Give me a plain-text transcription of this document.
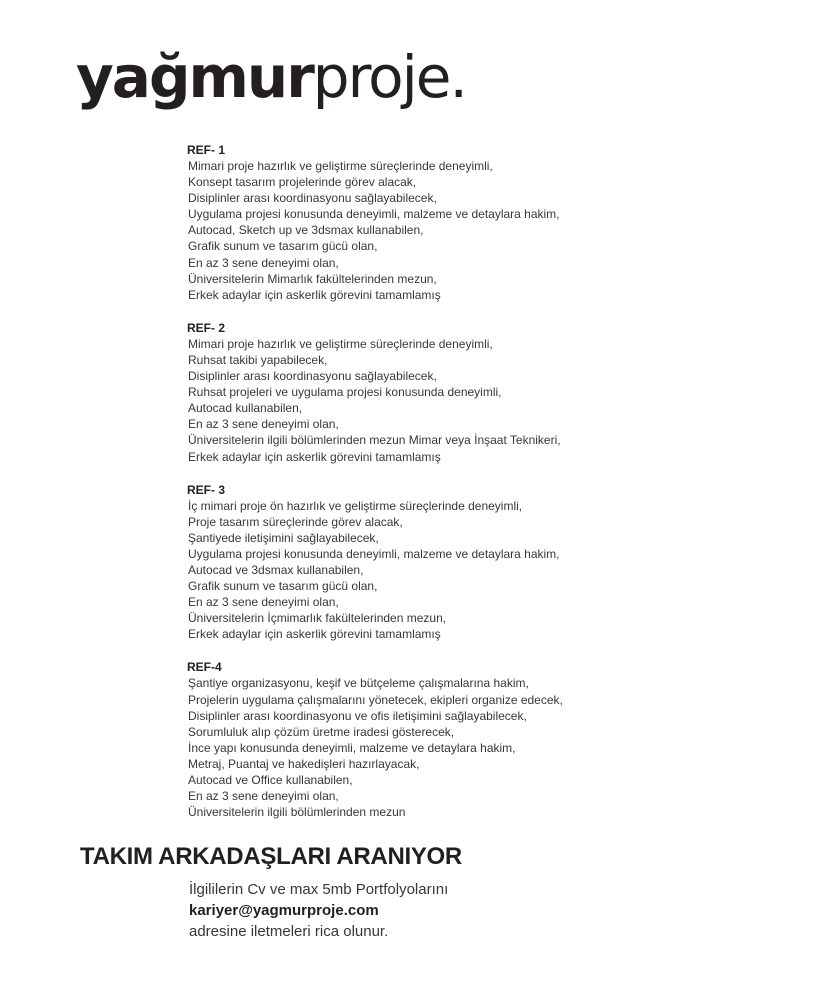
yağmurproje.
REF- 1
Mimari proje hazırlık ve geliştirme süreçlerinde deneyimli,
Konsept tasarım projelerinde görev alacak,
Disiplinler arası koordinasyonu sağlayabilecek,
Uygulama projesi konusunda deneyimli, malzeme ve detaylara hakim,
Autocad, Sketch up ve 3dsmax kullanabilen,
Grafik sunum ve tasarım gücü olan,
En az 3 sene deneyimi olan,
Üniversitelerin Mimarlık fakültelerinden mezun,
Erkek adaylar için askerlik görevini tamamlamış
REF- 2
Mimari proje hazırlık ve geliştirme süreçlerinde deneyimli,
Ruhsat takibi yapabilecek,
Disiplinler arası koordinasyonu sağlayabilecek,
Ruhsat projeleri ve uygulama projesi konusunda deneyimli,
Autocad kullanabilen,
En az 3 sene deneyimi olan,
Üniversitelerin ilgili bölümlerinden mezun Mimar veya İnşaat Teknikeri,
Erkek adaylar için askerlik görevini tamamlamış
REF- 3
İç mimari proje ön hazırlık ve geliştirme süreçlerinde deneyimli,
Proje tasarım süreçlerinde görev alacak,
Şantiyede iletişimini sağlayabilecek,
Uygulama projesi konusunda deneyimli, malzeme ve detaylara hakim,
Autocad ve 3dsmax kullanabilen,
Grafik sunum ve tasarım gücü olan,
En az 3 sene deneyimi olan,
Üniversitelerin İçmimarlık fakültelerinden mezun,
Erkek adaylar için askerlik görevini tamamlamış
REF-4
Şantiye organizasyonu, keşif ve bütçeleme çalışmalarına hakim,
Projelerin uygulama çalışmalarını yönetecek, ekipleri organize edecek,
Disiplinler arası koordinasyonu ve ofis iletişimini sağlayabilecek,
Sorumluluk alıp çözüm üretme iradesi gösterecek,
İnce yapı konusunda deneyimli, malzeme ve detaylara hakim,
Metraj, Puantaj ve hakedişleri hazırlayacak,
Autocad ve Office kullanabilen,
En az 3 sene deneyimi olan,
Üniversitelerin ilgili bölümlerinden mezun
TAKIM ARKADAŞLARI ARANIYOR
İlgililerin Cv ve max 5mb Portfolyolarını
kariyer@yagmurproje.com
adresine iletmeleri rica olunur.
